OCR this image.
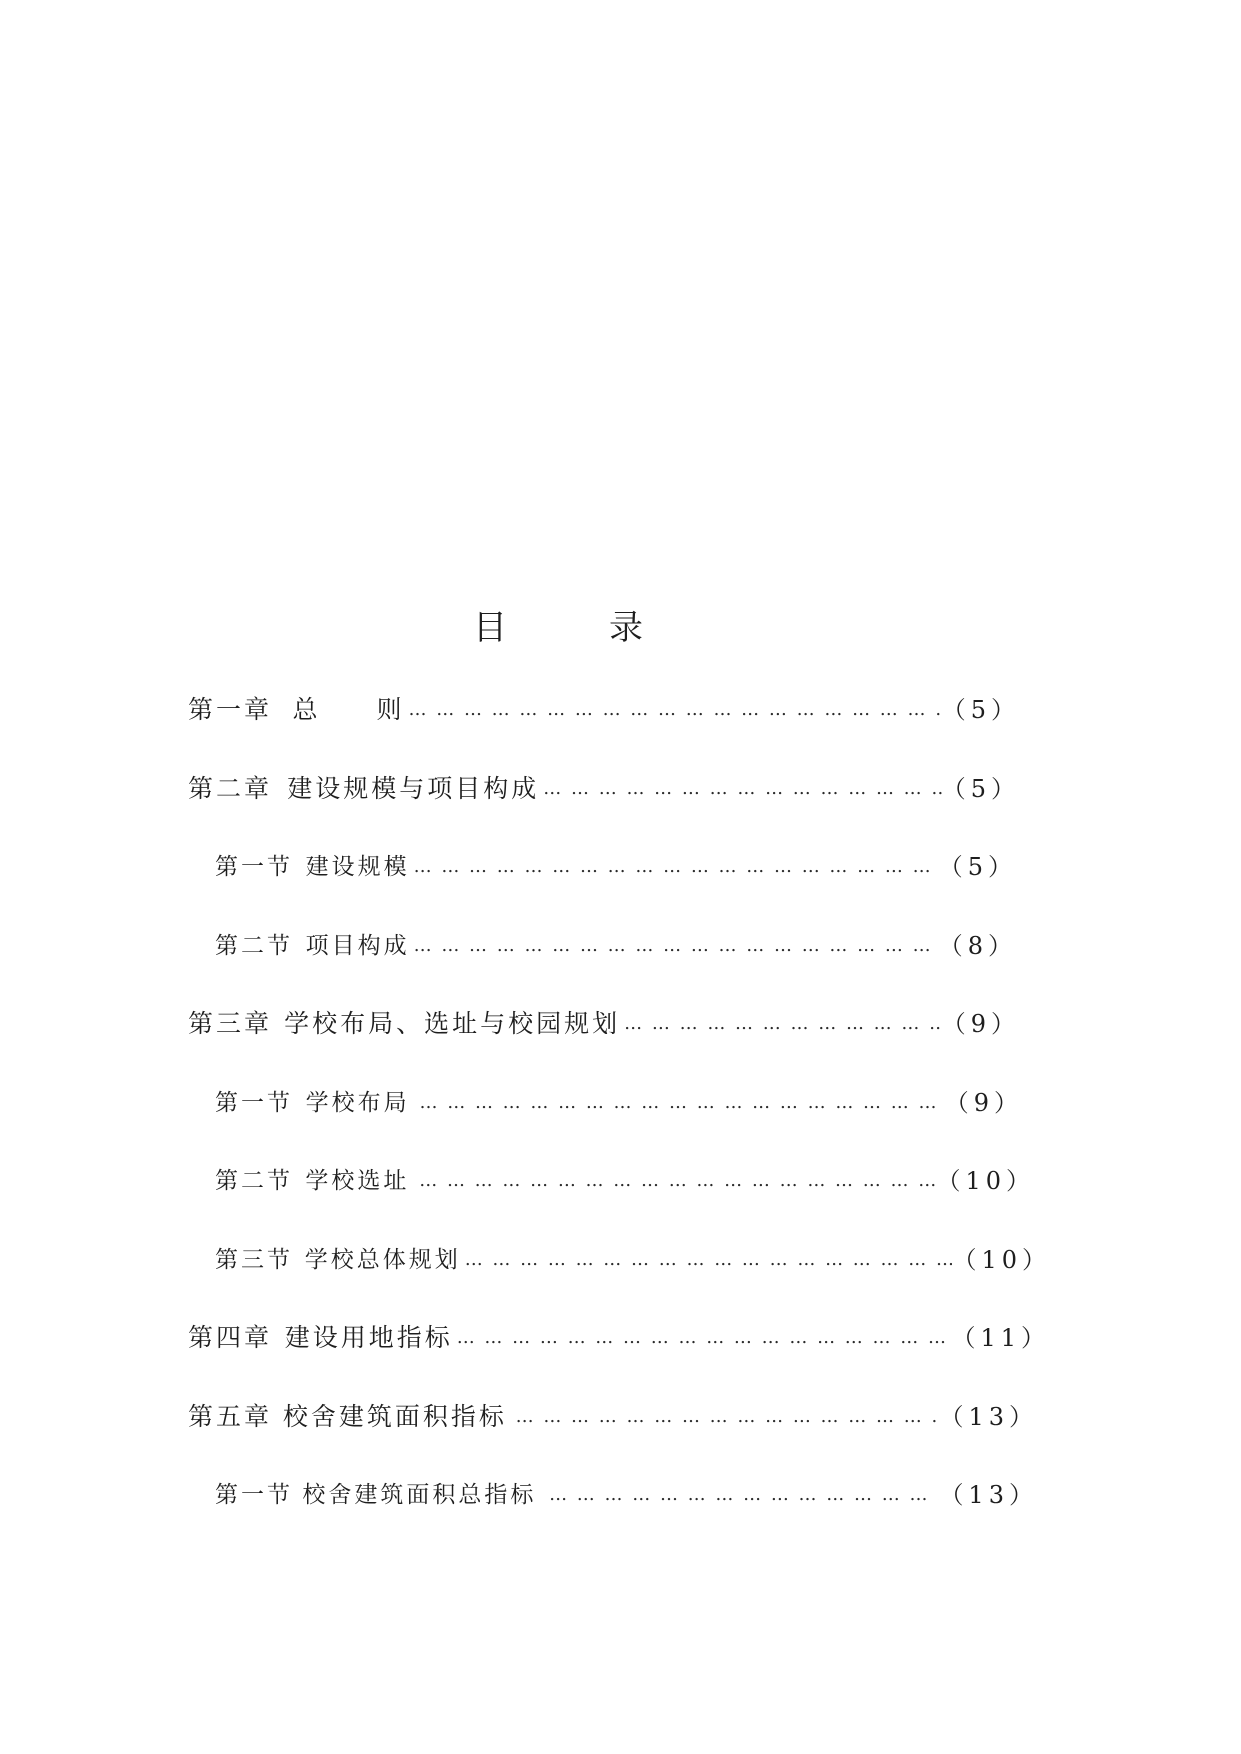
目　录
第一章 总　　则 … … … … … … … … … … … … … … … … … … … … … … … … … … … … … … … … … … … … … … … … … … … … …	（5）
第二章 建设规模与项目构成 … … … … … … … … … … … … … … … … … … … … … … … … … … … … … … … … … … … … … … … … … … … … …	（5）
第一节 建设规模 … … … … … … … … … … … … … … … … … … … … … … … … … … … … … … … … … … … … … … … … … … … … …	（5）
第二节 项目构成 … … … … … … … … … … … … … … … … … … … … … … … … … … … … … … … … … … … … … … … … … … … … …	（8）
第三章 学校布局、选址与校园规划 … … … … … … … … … … … … … … … … … … … … … … … … … … … … … … … … … … … … … … … … … … … … …	（9）
第一节 学校布局 … … … … … … … … … … … … … … … … … … … … … … … … … … … … … … … … … … … … … … … … … … … … …	（9）
第二节 学校选址 … … … … … … … … … … … … … … … … … … … … … … … … … … … … … … … … … … … … … … … … … … … … …	（10）
第三节 学校总体规划 … … … … … … … … … … … … … … … … … … … … … … … … … … … … … … … … … … … … … … … … … … … … …	（10）
第四章 建设用地指标 … … … … … … … … … … … … … … … … … … … … … … … … … … … … … … … … … … … … … … … … … … … … …	（11）
第五章 校舍建筑面积指标 … … … … … … … … … … … … … … … … … … … … … … … … … … … … … … … … … … … … … … … … … … … … …	（13）
第一节 校舍建筑面积总指标 … … … … … … … … … … … … … … … … … … … … … … … … … … … … … … … … … … … … … … … … … … … … …	（13）
